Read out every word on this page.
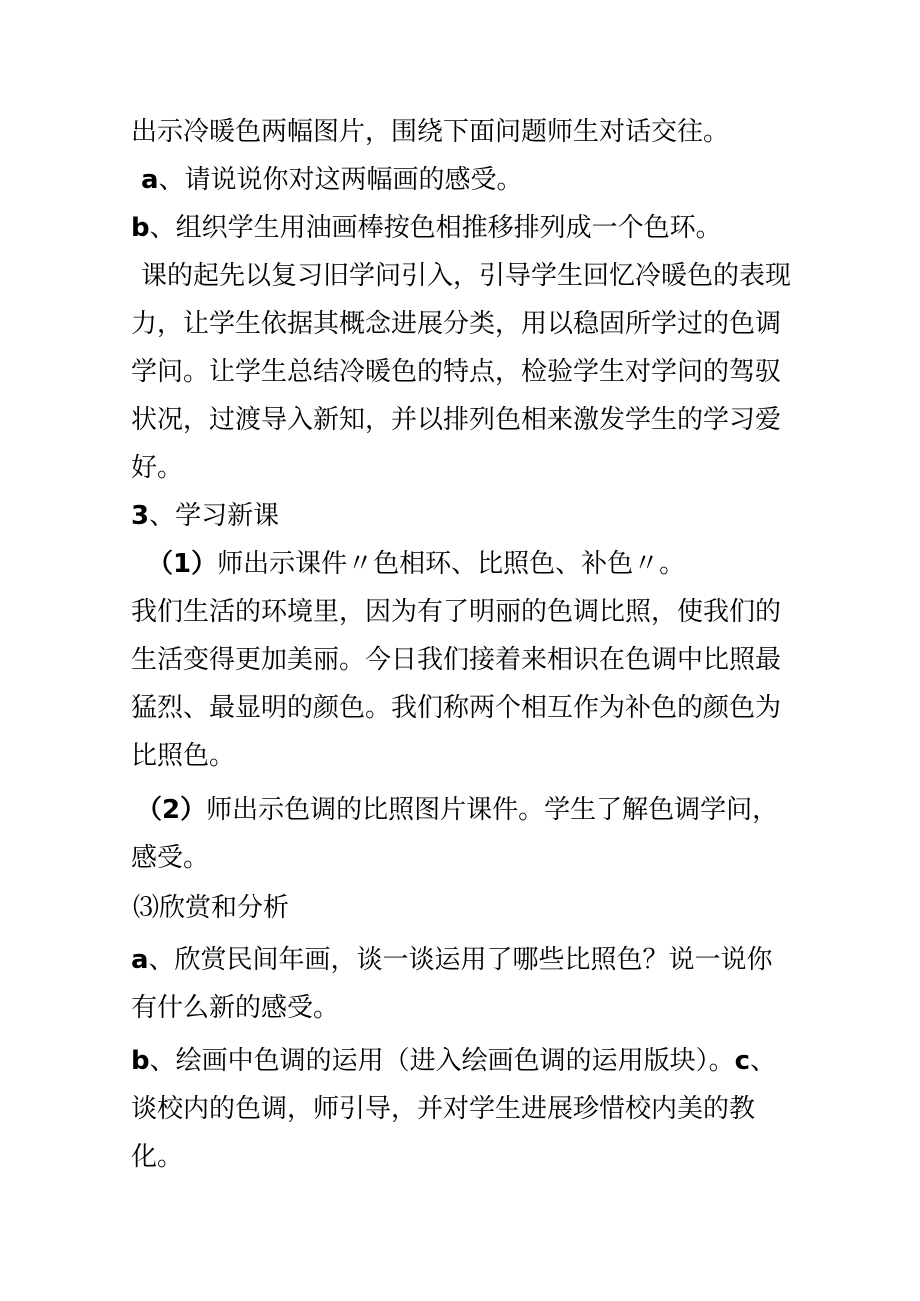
出示冷暖色两幅图片，围绕下面问题师生对话交往。
a、请说说你对这两幅画的感受。
b、组织学生用油画棒按色相推移排列成一个色环。
课的起先以复习旧学问引入，引导学生回忆冷暖色的表现
力，让学生依据其概念进展分类，用以稳固所学过的色调
学问。让学生总结冷暖色的特点，检验学生对学问的驾驭
状况，过渡导入新知，并以排列色相来激发学生的学习爱
好。
3、学习新课
（1）师出示课件〃色相环、比照色、补色〃。
我们生活的环境里，因为有了明丽的色调比照，使我们的
生活变得更加美丽。今日我们接着来相识在色调中比照最
猛烈、最显明的颜色。我们称两个相互作为补色的颜色为
比照色。
（2）师出示色调的比照图片课件。学生了解色调学问，
感受。
⑶欣赏和分析
a、欣赏民间年画，谈一谈运用了哪些比照色？说一说你
有什么新的感受。
b、绘画中色调的运用（进入绘画色调的运用版块）。c、
谈校内的色调，师引导，并对学生进展珍惜校内美的教
化。
